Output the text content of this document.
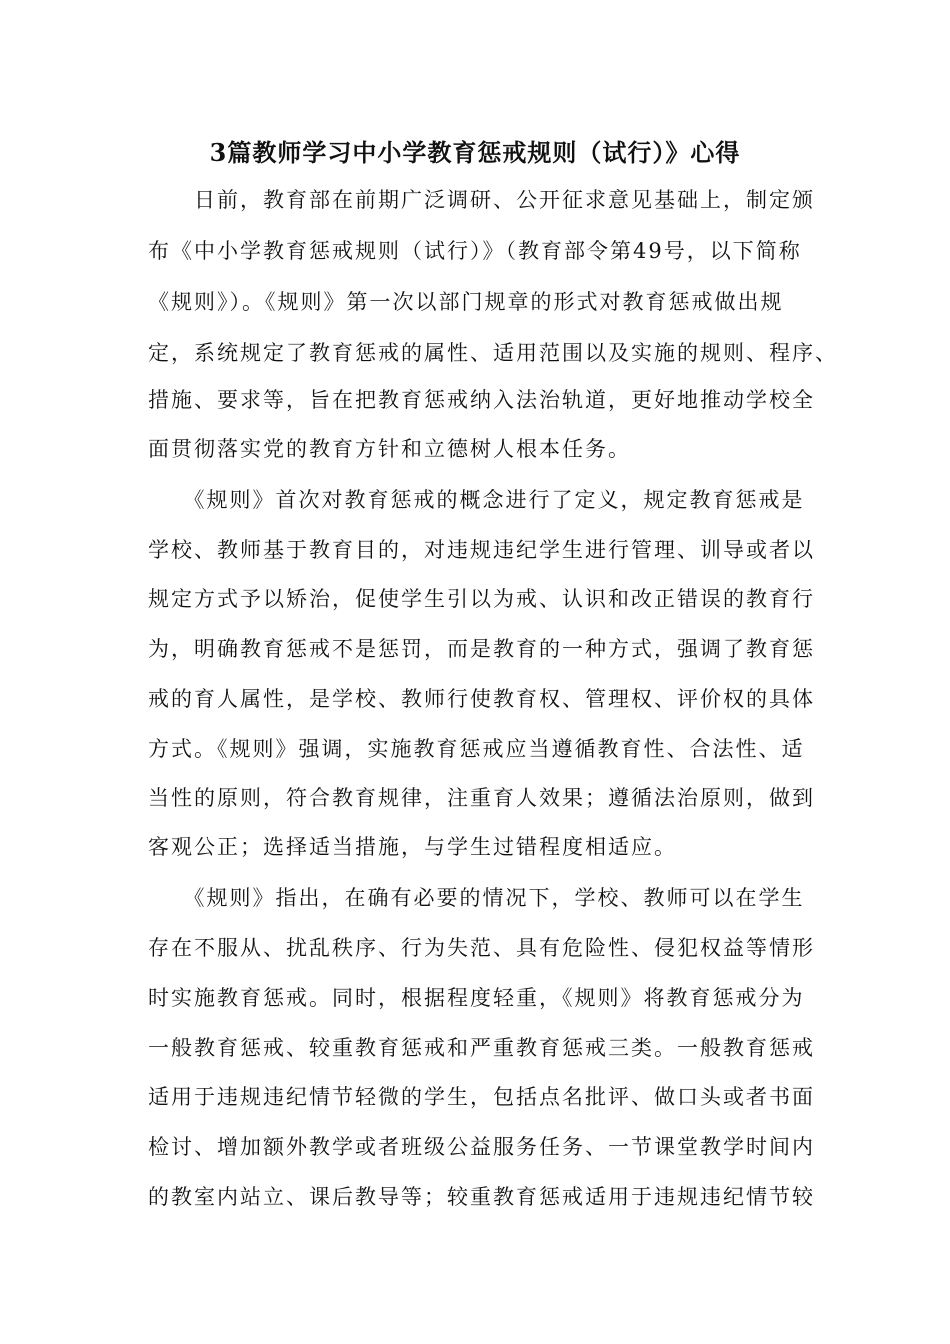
3篇教师学习中小学教育惩戒规则（试行）》心得
　　日前，教育部在前期广泛调研、公开征求意见基础上，制定颁
布《中小学教育惩戒规则（试行）》（教育部令第49号，以下简称
《规则》）。《规则》第一次以部门规章的形式对教育惩戒做出规
定，系统规定了教育惩戒的属性、适用范围以及实施的规则、程序、
措施、要求等，旨在把教育惩戒纳入法治轨道，更好地推动学校全
面贯彻落实党的教育方针和立德树人根本任务。
　　《规则》首次对教育惩戒的概念进行了定义，规定教育惩戒是
学校、教师基于教育目的，对违规违纪学生进行管理、训导或者以
规定方式予以矫治，促使学生引以为戒、认识和改正错误的教育行
为，明确教育惩戒不是惩罚，而是教育的一种方式，强调了教育惩
戒的育人属性，是学校、教师行使教育权、管理权、评价权的具体
方式。《规则》强调，实施教育惩戒应当遵循教育性、合法性、适
当性的原则，符合教育规律，注重育人效果；遵循法治原则，做到
客观公正；选择适当措施，与学生过错程度相适应。
　　《规则》指出，在确有必要的情况下，学校、教师可以在学生
存在不服从、扰乱秩序、行为失范、具有危险性、侵犯权益等情形
时实施教育惩戒。同时，根据程度轻重，《规则》将教育惩戒分为
一般教育惩戒、较重教育惩戒和严重教育惩戒三类。一般教育惩戒
适用于违规违纪情节轻微的学生，包括点名批评、做口头或者书面
检讨、增加额外教学或者班级公益服务任务、一节课堂教学时间内
的教室内站立、课后教导等；较重教育惩戒适用于违规违纪情节较
